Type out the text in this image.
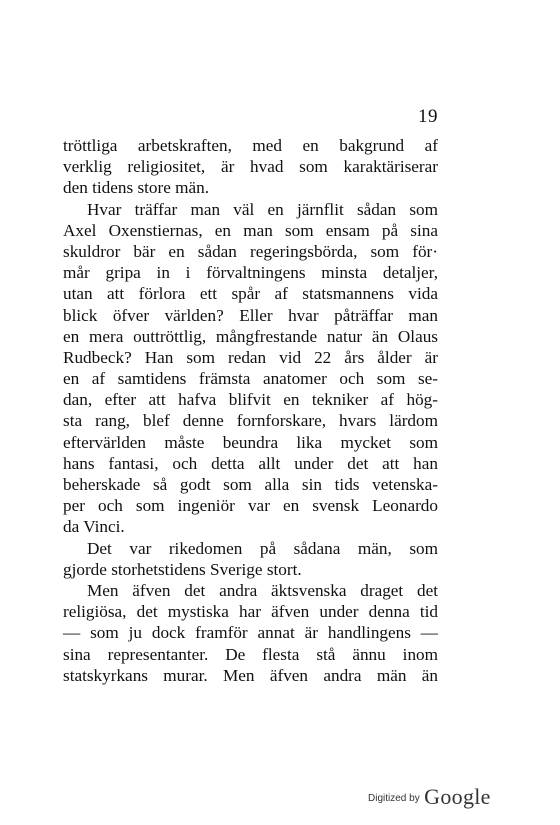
19
tröttliga arbetskraften, med en bakgrund af
verklig religiositet, är hvad som karaktäriserar
den tidens store män.
Hvar träffar man väl en järnflit sådan som
Axel Oxenstiernas, en man som ensam på sina
skuldror bär en sådan regeringsbörda, som för·
mår gripa in i förvaltningens minsta detaljer,
utan att förlora ett spår af statsmannens vida
blick öfver världen? Eller hvar påträffar man
en mera outtröttlig, mångfrestande natur än Olaus
Rudbeck? Han som redan vid 22 års ålder är
en af samtidens främsta anatomer och som se-
dan, efter att hafva blifvit en tekniker af hög-
sta rang, blef denne fornforskare, hvars lärdom
eftervärlden måste beundra lika mycket som
hans fantasi, och detta allt under det att han
beherskade så godt som alla sin tids vetenska-
per och som ingeniör var en svensk Leonardo
da Vinci.
Det var rikedomen på sådana män, som
gjorde storhetstidens Sverige stort.
Men äfven det andra äktsvenska draget det
religiösa, det mystiska har äfven under denna tid
— som ju dock framför annat är handlingens —
sina representanter. De flesta stå ännu inom
statskyrkans murar. Men äfven andra män än
Digitized by Google
